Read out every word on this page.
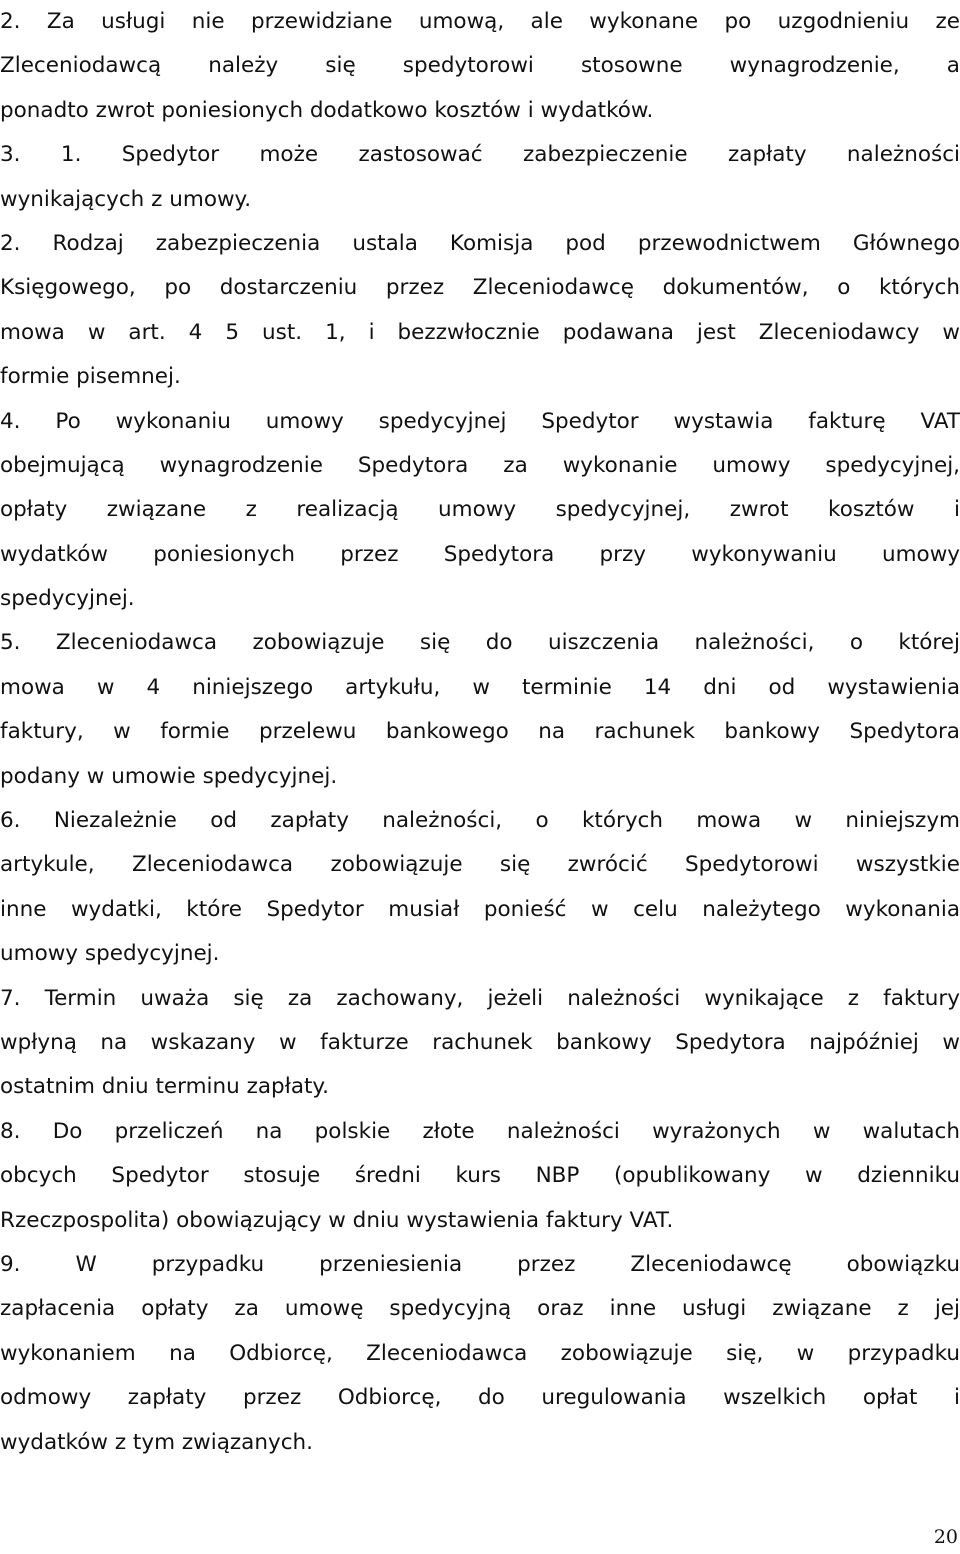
2. Za usługi nie przewidziane umową, ale wykonane po uzgodnieniu ze
Zleceniodawcą należy się spedytorowi stosowne wynagrodzenie, a
ponadto zwrot poniesionych dodatkowo kosztów i wydatków.
3. 1. Spedytor może zastosować zabezpieczenie zapłaty należności
wynikających z umowy.
2. Rodzaj zabezpieczenia ustala Komisja pod przewodnictwem Głównego
Księgowego, po dostarczeniu przez Zleceniodawcę dokumentów, o których
mowa w art. 4 5 ust. 1, i bezzwłocznie podawana jest Zleceniodawcy w
formie pisemnej.
4. Po wykonaniu umowy spedycyjnej Spedytor wystawia fakturę VAT
obejmującą wynagrodzenie Spedytora za wykonanie umowy spedycyjnej,
opłaty związane z realizacją umowy spedycyjnej, zwrot kosztów i
wydatków poniesionych przez Spedytora przy wykonywaniu umowy
spedycyjnej.
5. Zleceniodawca zobowiązuje się do uiszczenia należności, o której
mowa w 4 niniejszego artykułu, w terminie 14 dni od wystawienia
faktury, w formie przelewu bankowego na rachunek bankowy Spedytora
podany w umowie spedycyjnej.
6. Niezależnie od zapłaty należności, o których mowa w niniejszym
artykule, Zleceniodawca zobowiązuje się zwrócić Spedytorowi wszystkie
inne wydatki, które Spedytor musiał ponieść w celu należytego wykonania
umowy spedycyjnej.
7. Termin uważa się za zachowany, jeżeli należności wynikające z faktury
wpłyną na wskazany w fakturze rachunek bankowy Spedytora najpóźniej w
ostatnim dniu terminu zapłaty.
8. Do przeliczeń na polskie złote należności wyrażonych w walutach
obcych Spedytor stosuje średni kurs NBP (opublikowany w dzienniku
Rzeczpospolita) obowiązujący w dniu wystawienia faktury VAT.
9. W przypadku przeniesienia przez Zleceniodawcę obowiązku
zapłacenia opłaty za umowę spedycyjną oraz inne usługi związane z jej
wykonaniem na Odbiorcę, Zleceniodawca zobowiązuje się, w przypadku
odmowy zapłaty przez Odbiorcę, do uregulowania wszelkich opłat i
wydatków z tym związanych.
20
